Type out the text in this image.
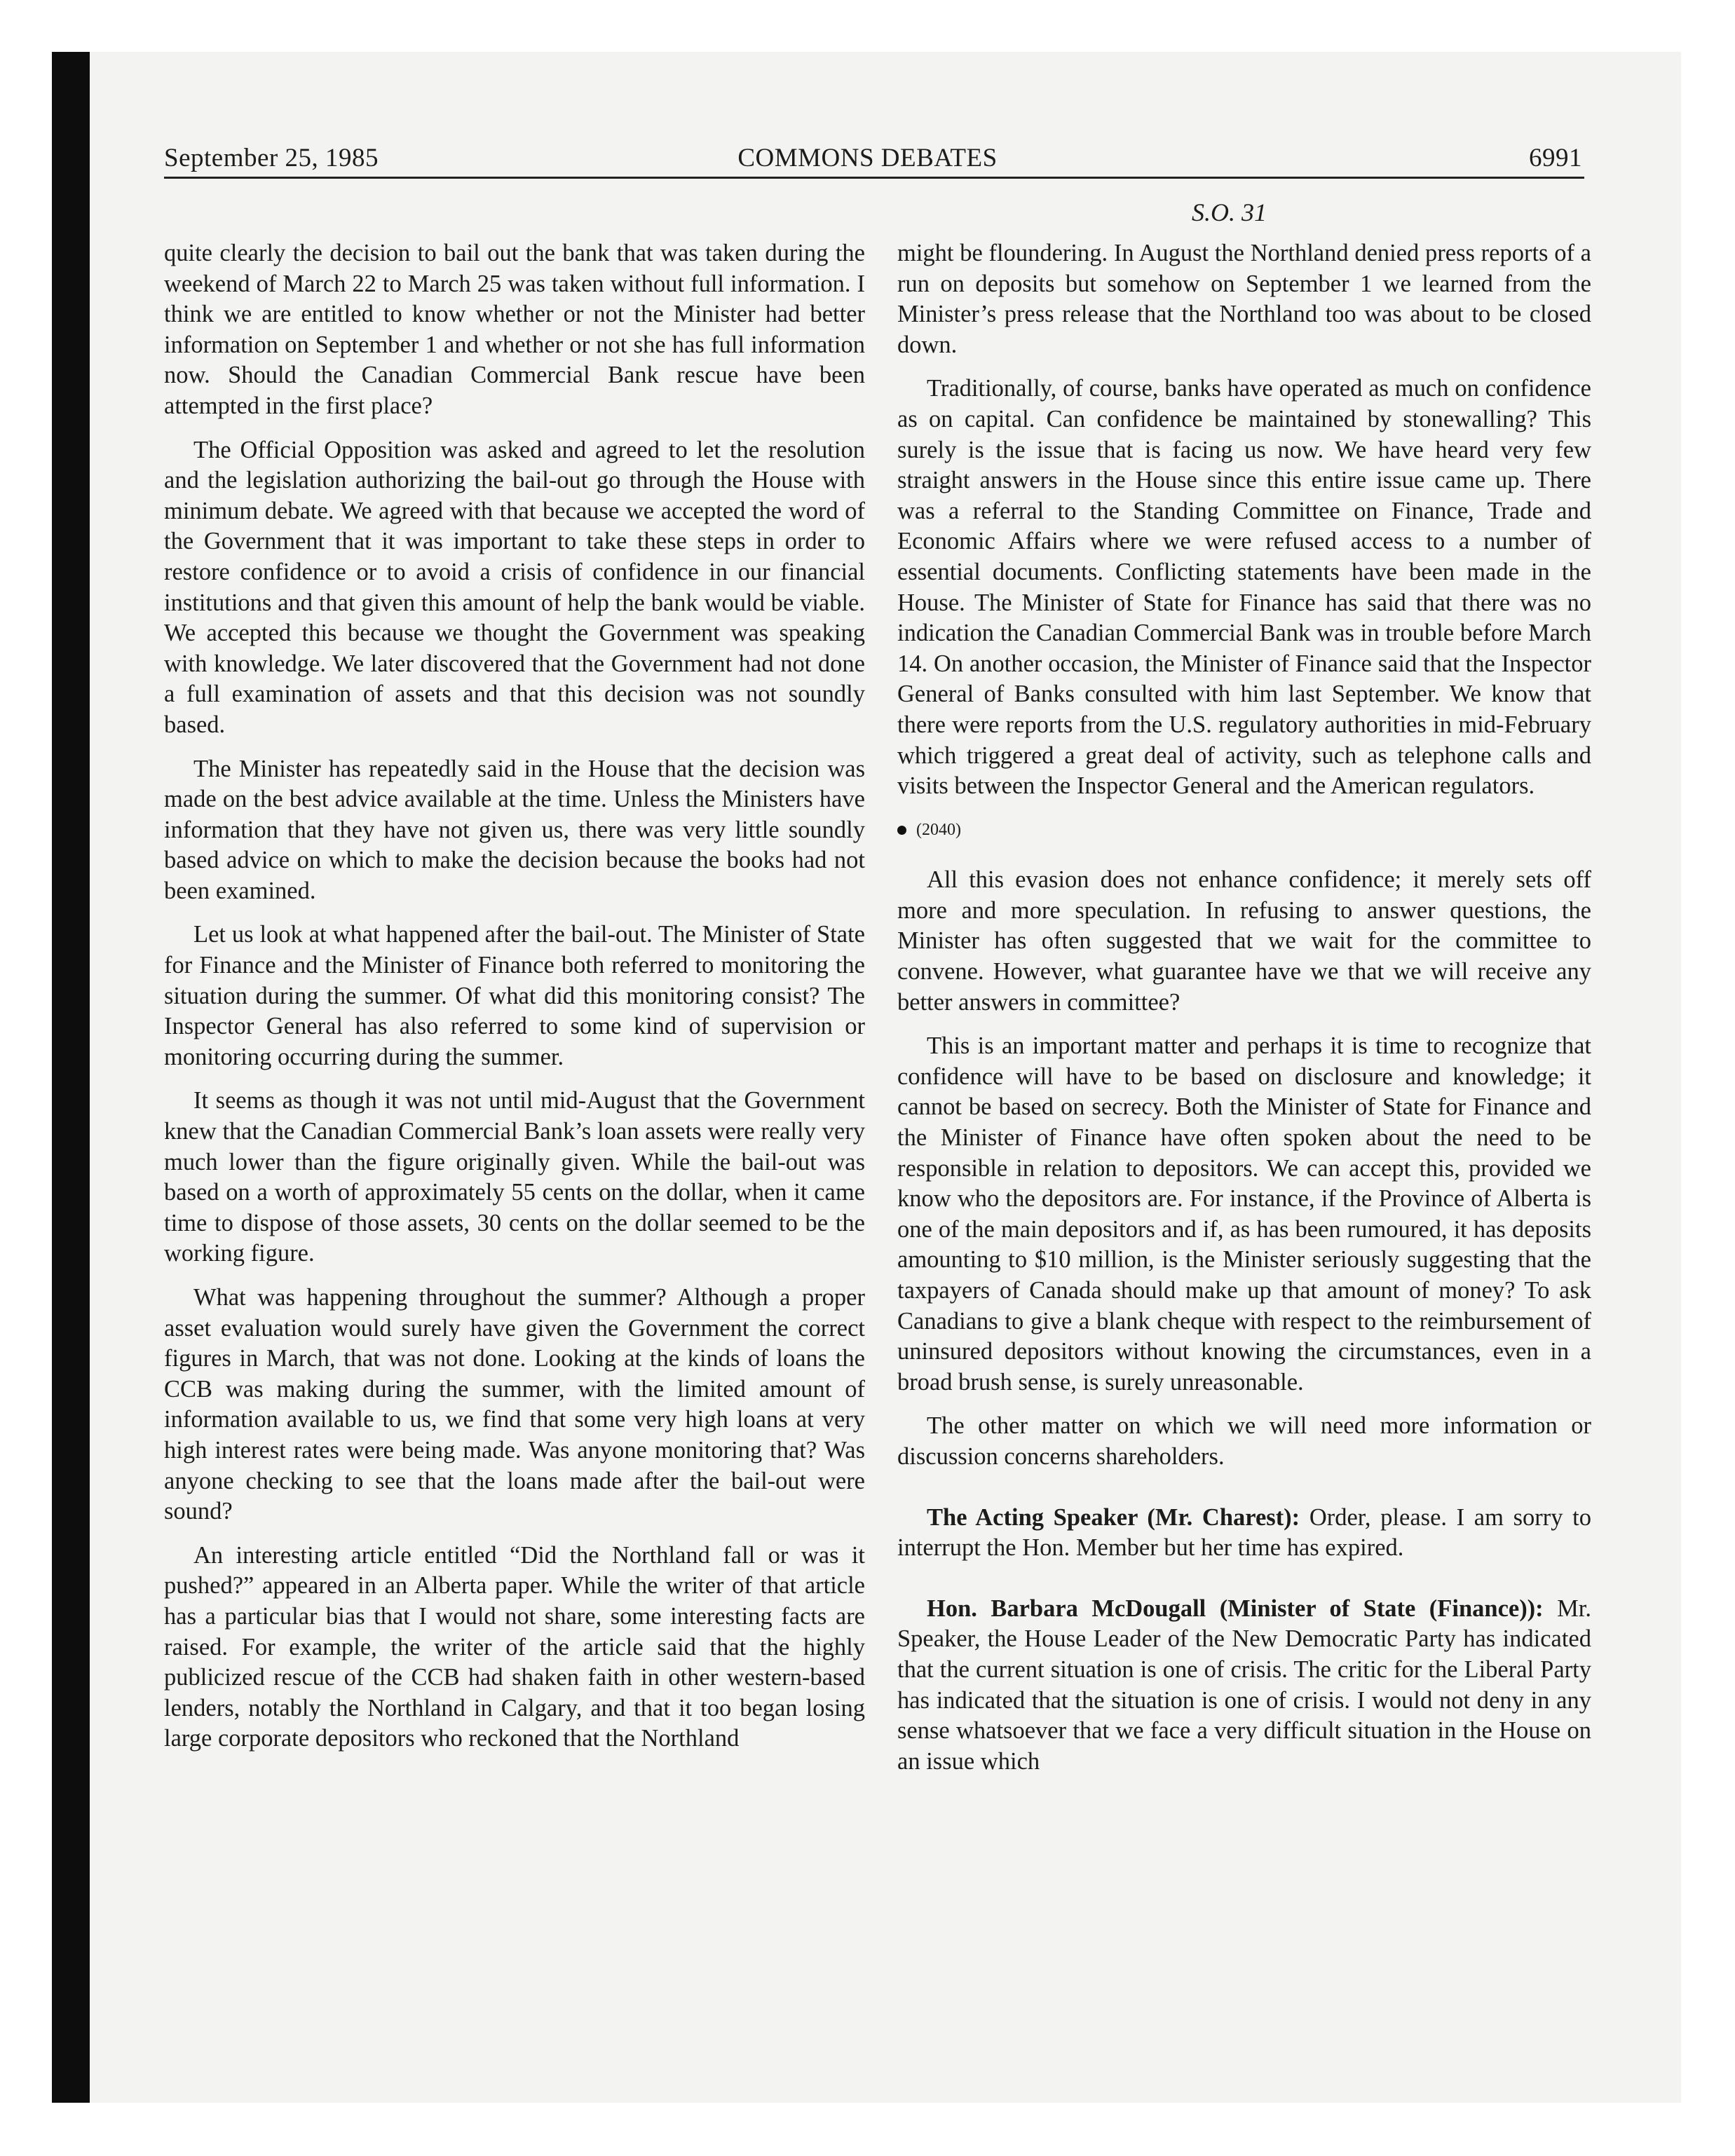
September 25, 1985	COMMONS DEBATES	6991
S.O. 31

quite clearly the decision to bail out the bank that was taken during the weekend of March 22 to March 25 was taken without full information. I think we are entitled to know whether or not the Minister had better information on September 1 and whether or not she has full information now. Should the Canadian Commercial Bank rescue have been attempted in the first place?

The Official Opposition was asked and agreed to let the resolution and the legislation authorizing the bail-out go through the House with minimum debate. We agreed with that because we accepted the word of the Government that it was important to take these steps in order to restore confidence or to avoid a crisis of confidence in our financial institutions and that given this amount of help the bank would be viable. We accepted this because we thought the Government was speaking with knowledge. We later discovered that the Government had not done a full examination of assets and that this decision was not soundly based.

The Minister has repeatedly said in the House that the decision was made on the best advice available at the time. Unless the Ministers have information that they have not given us, there was very little soundly based advice on which to make the decision because the books had not been examined.

Let us look at what happened after the bail-out. The Minister of State for Finance and the Minister of Finance both referred to monitoring the situation during the summer. Of what did this monitoring consist? The Inspector General has also referred to some kind of supervision or monitoring occurring during the summer.

It seems as though it was not until mid-August that the Government knew that the Canadian Commercial Bank’s loan assets were really very much lower than the figure originally given. While the bail-out was based on a worth of approximately 55 cents on the dollar, when it came time to dispose of those assets, 30 cents on the dollar seemed to be the working figure.

What was happening throughout the summer? Although a proper asset evaluation would surely have given the Government the correct figures in March, that was not done. Looking at the kinds of loans the CCB was making during the summer, with the limited amount of information available to us, we find that some very high loans at very high interest rates were being made. Was anyone monitoring that? Was anyone checking to see that the loans made after the bail-out were sound?

An interesting article entitled “Did the Northland fall or was it pushed?” appeared in an Alberta paper. While the writer of that article has a particular bias that I would not share, some interesting facts are raised. For example, the writer of the article said that the highly publicized rescue of the CCB had shaken faith in other western-based lenders, notably the Northland in Calgary, and that it too began losing large corporate depositors who reckoned that the Northland

might be floundering. In August the Northland denied press reports of a run on deposits but somehow on September 1 we learned from the Minister’s press release that the Northland too was about to be closed down.

Traditionally, of course, banks have operated as much on confidence as on capital. Can confidence be maintained by stonewalling? This surely is the issue that is facing us now. We have heard very few straight answers in the House since this entire issue came up. There was a referral to the Standing Committee on Finance, Trade and Economic Affairs where we were refused access to a number of essential documents. Conflicting statements have been made in the House. The Minister of State for Finance has said that there was no indication the Canadian Commercial Bank was in trouble before March 14. On another occasion, the Minister of Finance said that the Inspector General of Banks consulted with him last September. We know that there were reports from the U.S. regulatory authorities in mid-February which triggered a great deal of activity, such as telephone calls and visits between the Inspector General and the American regulators.

(2040)

All this evasion does not enhance confidence; it merely sets off more and more speculation. In refusing to answer questions, the Minister has often suggested that we wait for the committee to convene. However, what guarantee have we that we will receive any better answers in committee?

This is an important matter and perhaps it is time to recognize that confidence will have to be based on disclosure and knowledge; it cannot be based on secrecy. Both the Minister of State for Finance and the Minister of Finance have often spoken about the need to be responsible in relation to depositors. We can accept this, provided we know who the depositors are. For instance, if the Province of Alberta is one of the main depositors and if, as has been rumoured, it has deposits amounting to $10 million, is the Minister seriously suggesting that the taxpayers of Canada should make up that amount of money? To ask Canadians to give a blank cheque with respect to the reimbursement of uninsured depositors without knowing the circumstances, even in a broad brush sense, is surely unreasonable.

The other matter on which we will need more information or discussion concerns shareholders.

The Acting Speaker (Mr. Charest): Order, please. I am sorry to interrupt the Hon. Member but her time has expired.

Hon. Barbara McDougall (Minister of State (Finance)): Mr. Speaker, the House Leader of the New Democratic Party has indicated that the current situation is one of crisis. The critic for the Liberal Party has indicated that the situation is one of crisis. I would not deny in any sense whatsoever that we face a very difficult situation in the House on an issue which
